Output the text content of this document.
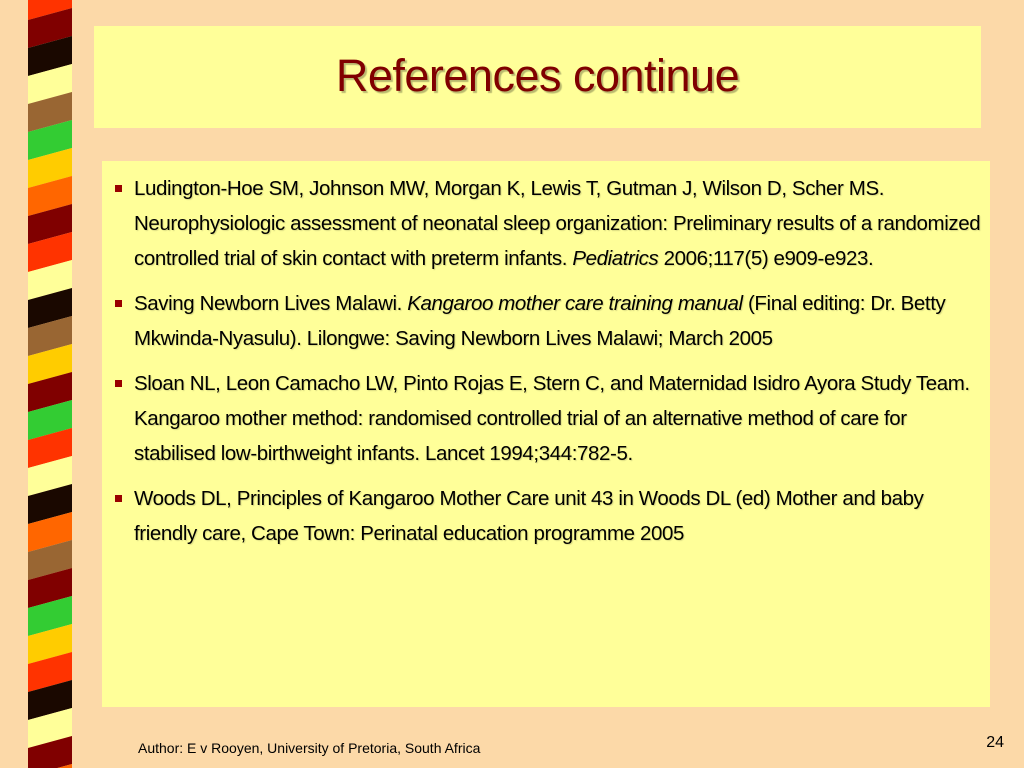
References continue
Ludington-Hoe SM, Johnson MW, Morgan K, Lewis T, Gutman J, Wilson D, Scher MS. Neurophysiologic assessment of neonatal sleep organization: Preliminary results of a randomized controlled trial of skin contact with preterm infants. Pediatrics 2006;117(5) e909-e923.
Saving Newborn Lives Malawi. Kangaroo mother care training manual (Final editing: Dr. Betty Mkwinda-Nyasulu). Lilongwe: Saving Newborn Lives Malawi; March 2005
Sloan NL, Leon Camacho LW, Pinto Rojas E, Stern C, and Maternidad Isidro Ayora Study Team. Kangaroo mother method: randomised controlled trial of an alternative method of care for stabilised low-birthweight infants. Lancet 1994;344:782-5.
Woods DL, Principles of Kangaroo Mother Care unit 43 in Woods DL (ed) Mother and baby friendly care, Cape Town: Perinatal education programme 2005
Author: E v Rooyen, University of Pretoria, South Africa	24
